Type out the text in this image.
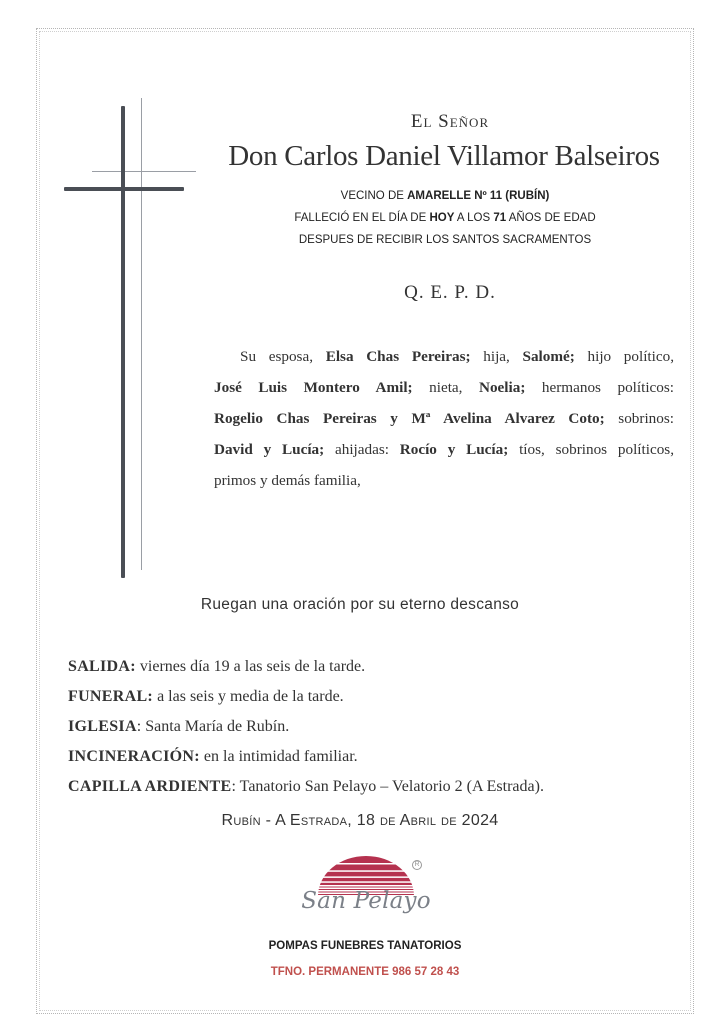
El Señor
Don Carlos Daniel Villamor Balseiros
VECINO DE AMARELLE Nº 11 (RUBÍN)
FALLECIÓ EN EL DÍA DE HOY A LOS 71 AÑOS DE EDAD
DESPUES DE RECIBIR LOS SANTOS SACRAMENTOS
Q. E. P. D.
Su esposa, Elsa Chas Pereiras; hija, Salomé; hijo político,
José Luis Montero Amil; nieta, Noelia; hermanos políticos:
Rogelio Chas Pereiras y Mª Avelina Alvarez Coto; sobrinos:
David y Lucía; ahijadas: Rocío y Lucía; tíos, sobrinos políticos,
primos y demás familia,
Ruegan una oración por su eterno descanso
SALIDA: viernes día 19 a las seis de la tarde.
FUNERAL: a las seis y media de la tarde.
IGLESIA: Santa María de Rubín.
INCINERACIÓN: en la intimidad familiar.
CAPILLA ARDIENTE: Tanatorio San Pelayo – Velatorio 2 (A Estrada).
Rubín - A Estrada, 18 de Abril de 2024
R
San Pelayo
POMPAS FUNEBRES TANATORIOS
TFNO. PERMANENTE 986 57 28 43
